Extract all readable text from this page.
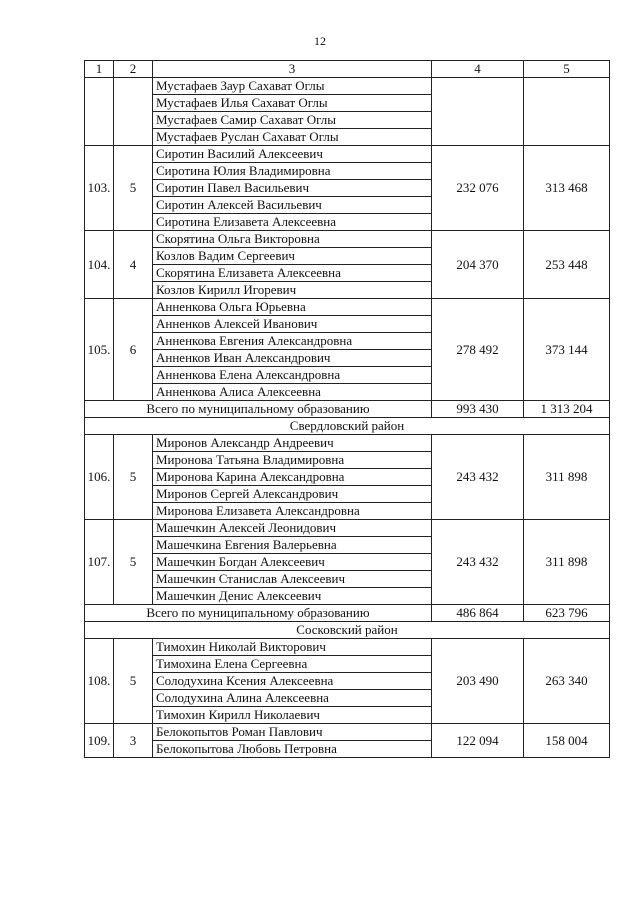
12
1	2	3	4	5
		Мустафаев Заур Сахават Оглы		
		Мустафаев Илья Сахават Оглы		
		Мустафаев Самир Сахават Оглы		
		Мустафаев Руслан Сахават Оглы		
103.	5	Сиротин Василий Алексеевич	232 076	313 468
		Сиротина Юлия Владимировна		
		Сиротин Павел Васильевич		
		Сиротин Алексей Васильевич		
		Сиротина Елизавета Алексеевна		
104.	4	Скорятина Ольга Викторовна	204 370	253 448
		Козлов Вадим Сергеевич		
		Скорятина Елизавета Алексеевна		
		Козлов Кирилл Игоревич		
105.	6	Анненкова Ольга Юрьевна	278 492	373 144
		Анненков Алексей Иванович		
		Анненкова Евгения Александровна		
		Анненков Иван Александрович		
		Анненкова Елена Александровна		
		Анненкова Алиса Алексеевна		
Всего по муниципальному образованию			993 430	1 313 204
Свердловский район				
106.	5	Миронов Александр Андреевич	243 432	311 898
		Миронова Татьяна Владимировна		
		Миронова Карина Александровна		
		Миронов Сергей Александрович		
		Миронова Елизавета Александровна		
107.	5	Машечкин Алексей Леонидович	243 432	311 898
		Машечкина Евгения Валерьевна		
		Машечкин Богдан Алексеевич		
		Машечкин Станислав Алексеевич		
		Машечкин Денис Алексеевич		
Всего по муниципальному образованию			486 864	623 796
Сосковский район				
108.	5	Тимохин Николай Викторович	203 490	263 340
		Тимохина Елена Сергеевна		
		Солодухина Ксения Алексеевна		
		Солодухина Алина Алексеевна		
		Тимохин Кирилл Николаевич		
109.	3	Белокопытов Роман Павлович	122 094	158 004
		Белокопытова Любовь Петровна		
